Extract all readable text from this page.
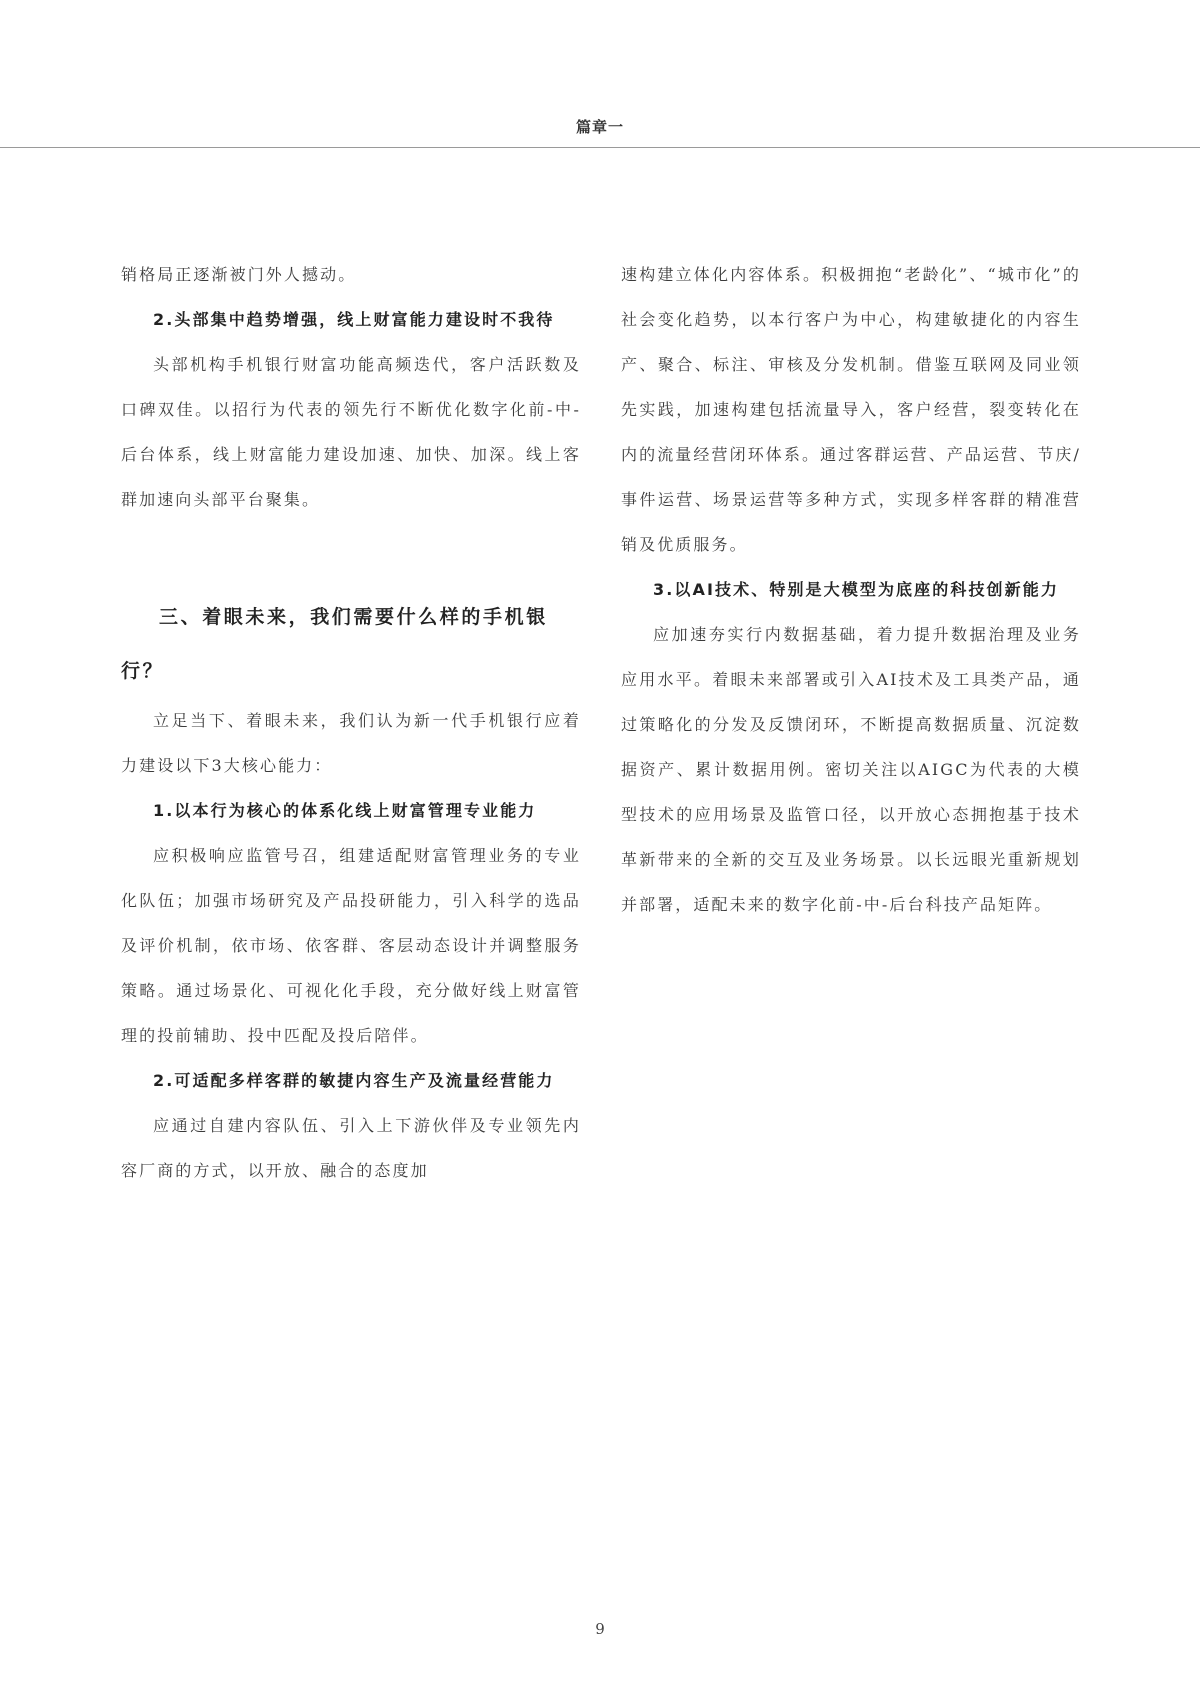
篇章一

销格局正逐渐被门外人撼动。

2.头部集中趋势增强，线上财富能力建设时不我待

头部机构手机银行财富功能高频迭代，客户活跃数及口碑双佳。以招行为代表的领先行不断优化数字化前-中-后台体系，线上财富能力建设加速、加快、加深。线上客群加速向头部平台聚集。

三、着眼未来，我们需要什么样的手机银行？

立足当下、着眼未来，我们认为新一代手机银行应着力建设以下3大核心能力：

1.以本行为核心的体系化线上财富管理专业能力

应积极响应监管号召，组建适配财富管理业务的专业化队伍；加强市场研究及产品投研能力，引入科学的选品及评价机制，依市场、依客群、客层动态设计并调整服务策略。通过场景化、可视化化手段，充分做好线上财富管理的投前辅助、投中匹配及投后陪伴。

2.可适配多样客群的敏捷内容生产及流量经营能力

应通过自建内容队伍、引入上下游伙伴及专业领先内容厂商的方式，以开放、融合的态度加

速构建立体化内容体系。积极拥抱“老龄化”、“城市化”的社会变化趋势，以本行客户为中心，构建敏捷化的内容生产、聚合、标注、审核及分发机制。借鉴互联网及同业领先实践，加速构建包括流量导入，客户经营，裂变转化在内的流量经营闭环体系。通过客群运营、产品运营、节庆/事件运营、场景运营等多种方式，实现多样客群的精准营销及优质服务。

3.以AI技术、特别是大模型为底座的科技创新能力

应加速夯实行内数据基础，着力提升数据治理及业务应用水平。着眼未来部署或引入AI技术及工具类产品，通过策略化的分发及反馈闭环，不断提高数据质量、沉淀数据资产、累计数据用例。密切关注以AIGC为代表的大模型技术的应用场景及监管口径，以开放心态拥抱基于技术革新带来的全新的交互及业务场景。以长远眼光重新规划并部署，适配未来的数字化前-中-后台科技产品矩阵。

9
